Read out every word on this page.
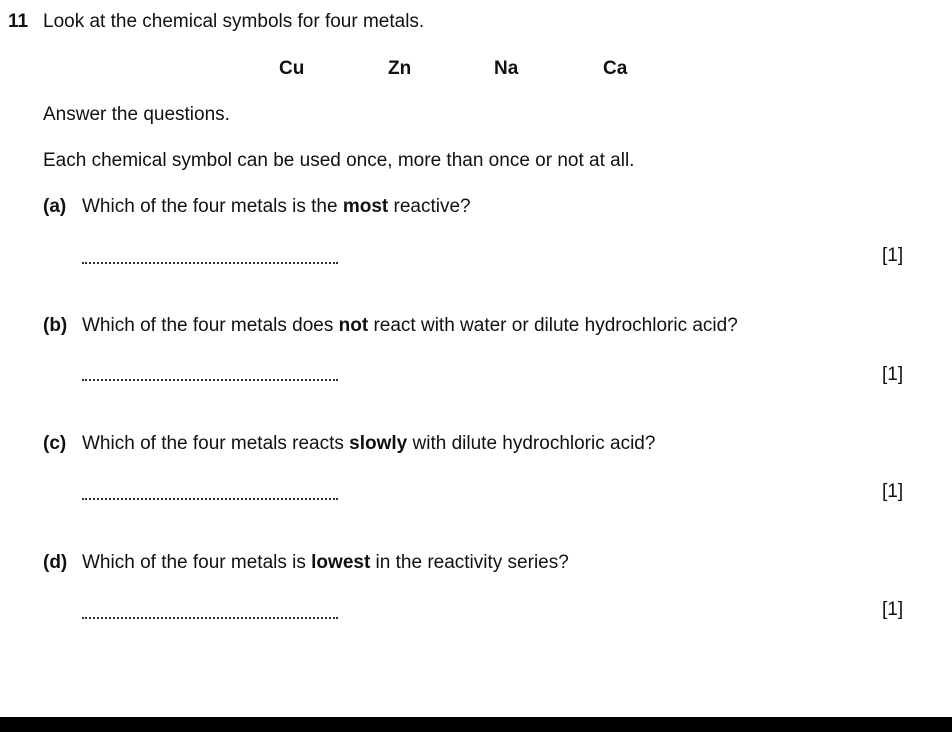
11 Look at the chemical symbols for four metals.
Cu	Zn	Na	Ca
Answer the questions.
Each chemical symbol can be used once, more than once or not at all.
(a) Which of the four metals is the most reactive?
[1]
(b) Which of the four metals does not react with water or dilute hydrochloric acid?
[1]
(c) Which of the four metals reacts slowly with dilute hydrochloric acid?
[1]
(d) Which of the four metals is lowest in the reactivity series?
[1]
